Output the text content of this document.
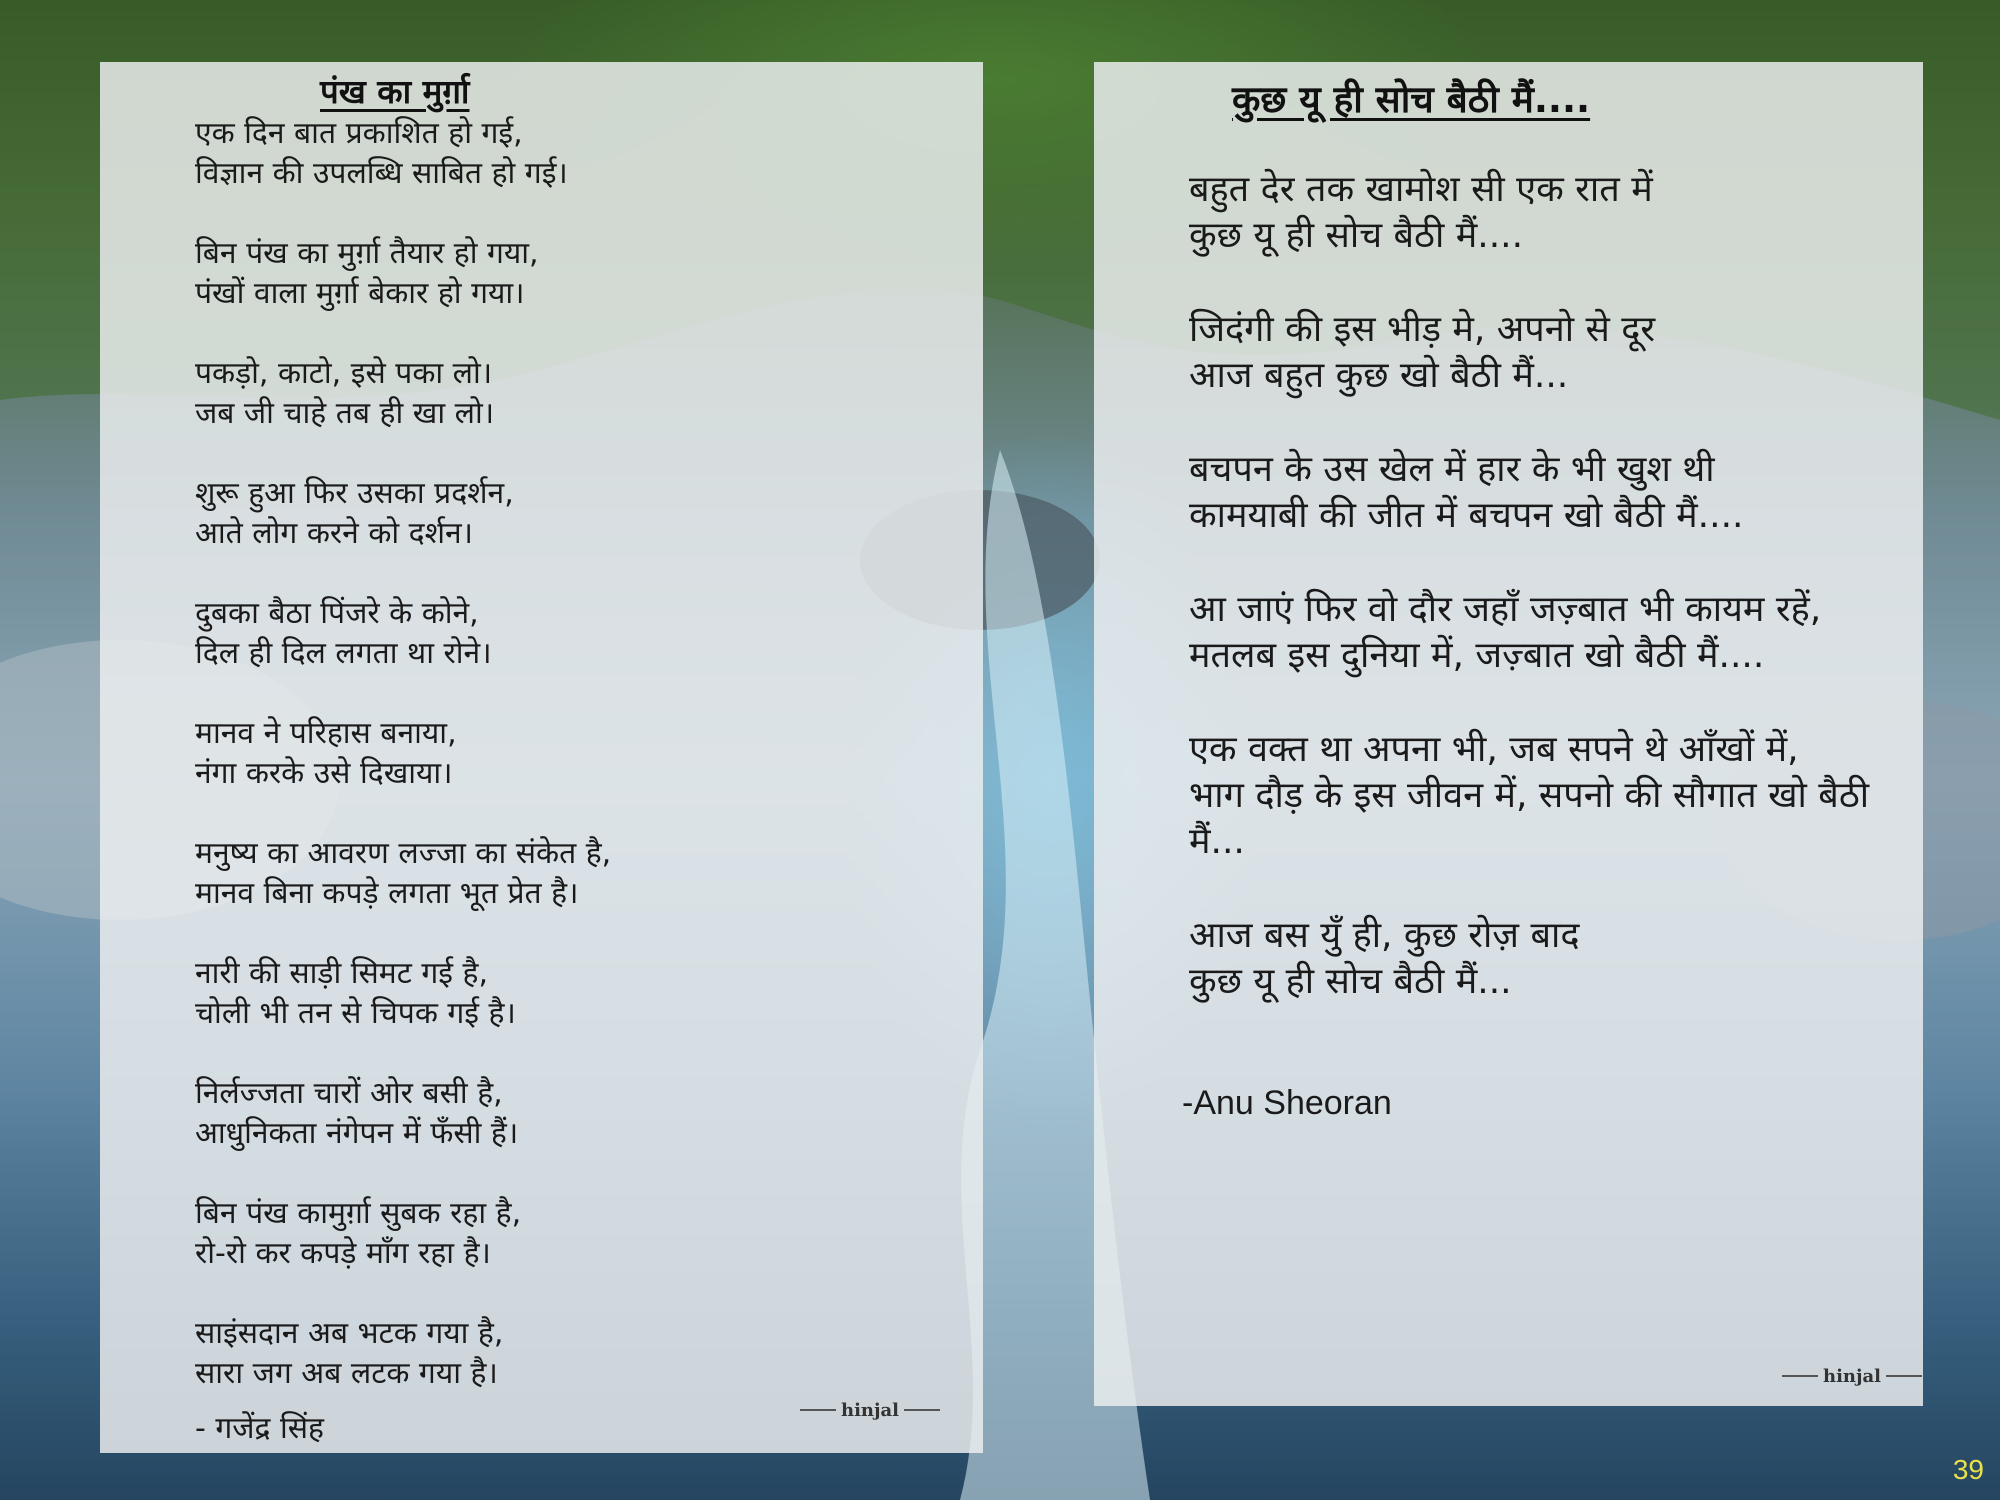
पंख का मुर्ग़ा
एक दिन बात प्रकाशित हो गई,
विज्ञान की उपलब्धि साबित हो गई।
बिन पंख का मुर्ग़ा तैयार हो गया,
पंखों वाला मुर्ग़ा बेकार हो गया।
पकड़ो, काटो, इसे पका लो।
जब जी चाहे तब ही खा लो।
शुरू हुआ फिर उसका प्रदर्शन,
आते लोग करने को दर्शन।
दुबका बैठा पिंजरे के कोने,
दिल ही दिल लगता था रोने।
मानव ने परिहास बनाया,
नंगा करके उसे दिखाया।
मनुष्य का आवरण लज्जा का संकेत है,
मानव बिना कपड़े लगता भूत प्रेत है।
नारी की साड़ी सिमट गई है,
चोली भी तन से चिपक गई है।
निर्लज्जता चारों ओर बसी है,
आधुनिकता नंगेपन में फँसी हैं।
बिन पंख कामुर्ग़ा सुबक रहा है,
रो-रो कर कपड़े माँग रहा है।
साइंसदान अब भटक गया है,
सारा जग अब लटक गया है।

- गजेंद्र सिंह

hinjal
कुछ यू ही सोच बैठी मैं....
बहुत देर तक खामोश सी एक रात में
कुछ यू ही सोच बैठी मैं....
जिदंगी की इस भीड़ मे, अपनो से दूर
आज बहुत कुछ खो बैठी मैं...
बचपन के उस खेल में हार के भी खुश थी
कामयाबी की जीत में बचपन खो बैठी मैं....
आ जाएं फिर वो दौर जहाँ जज़्बात भी कायम रहें,
मतलब इस दुनिया में, जज़्बात खो बैठी मैं....
एक वक्त था अपना भी, जब सपने थे आँखों में,
भाग दौड़ के इस जीवन में, सपनो की सौगात खो बैठी मैं...
आज बस युँ ही, कुछ रोज़ बाद
कुछ यू ही सोच बैठी मैं...

-Anu Sheoran

hinjal
39
